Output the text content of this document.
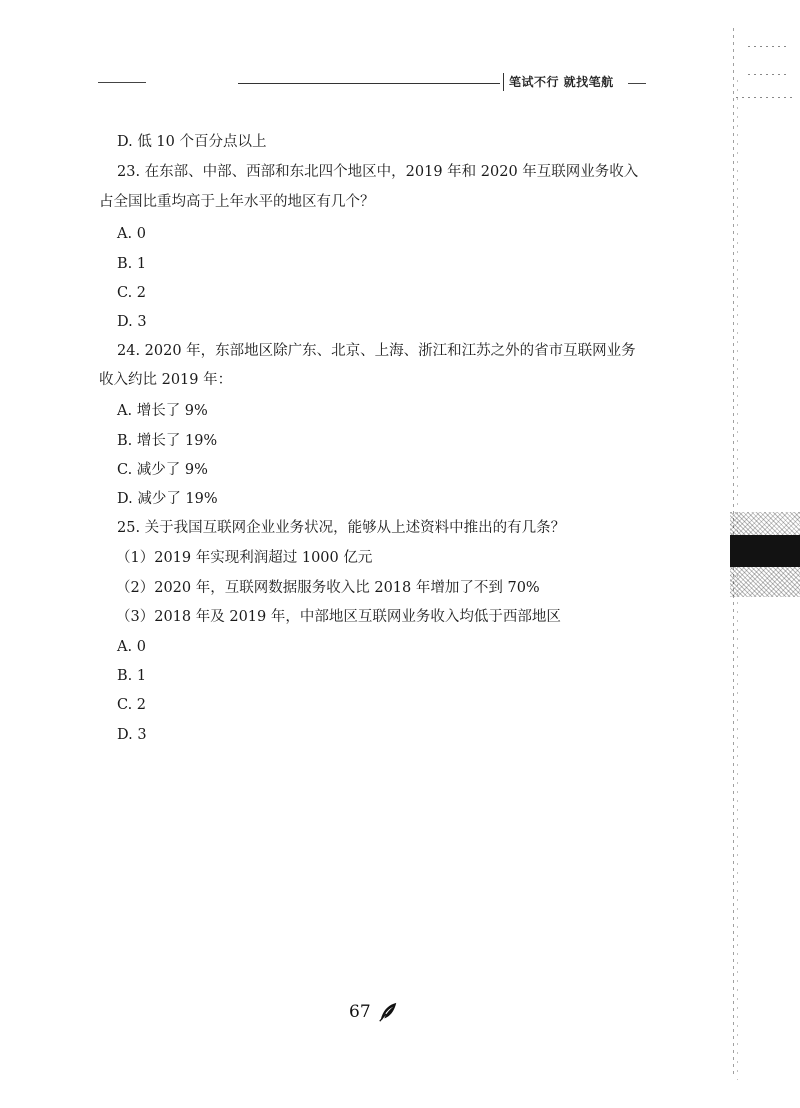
笔试不行 就找笔航
D. 低 10 个百分点以上
23. 在东部、中部、西部和东北四个地区中，2019 年和 2020 年互联网业务收入
占全国比重均高于上年水平的地区有几个？
A. 0
B. 1
C. 2
D. 3
24. 2020 年，东部地区除广东、北京、上海、浙江和江苏之外的省市互联网业务
收入约比 2019 年：
A. 增长了 9%
B. 增长了 19%
C. 减少了 9%
D. 减少了 19%
25. 关于我国互联网企业业务状况，能够从上述资料中推出的有几条？
（1）2019 年实现利润超过 1000 亿元
（2）2020 年，互联网数据服务收入比 2018 年增加了不到 70%
（3）2018 年及 2019 年，中部地区互联网业务收入均低于西部地区
A. 0
B. 1
C. 2
D. 3
67
